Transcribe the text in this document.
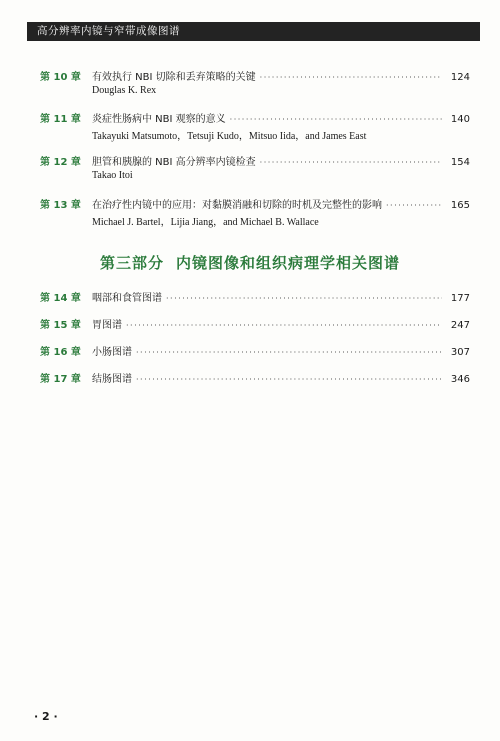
高分辨率内镜与窄带成像图谱
第 10 章	有效执行 NBI 切除和丢弃策略的关键 ·····	124
Douglas K. Rex
第 11 章	炎症性肠病中 NBI 观察的意义 ·····	140
Takayuki Matsumoto，Tetsuji Kudo，Mitsuo Iida，and James East
第 12 章	胆管和胰腺的 NBI 高分辨率内镜检查 ·····	154
Takao Itoi
第 13 章	在治疗性内镜中的应用：对黏膜消融和切除的时机及完整性的影响 ·····	165
Michael J. Bartel，Lijia Jiang，and Michael B. Wallace
第 14 章	咽部和食管图谱 ·····	177
第 15 章	胃图谱 ·····	247
第 16 章	小肠图谱 ·····	307
第 17 章	结肠图谱 ·····	346
第三部分 内镜图像和组织病理学相关图谱
· 2 ·
